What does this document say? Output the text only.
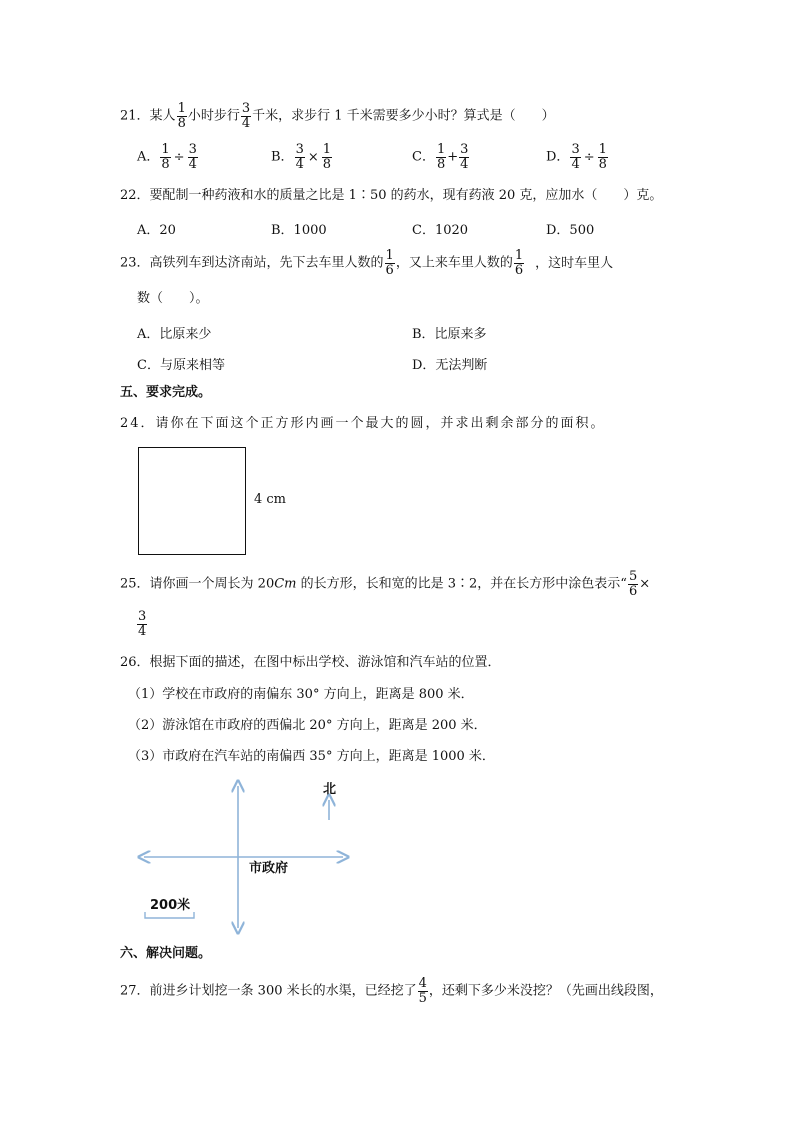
21．某人 $\frac{1}{8}$ 小时步行 $\frac{3}{4}$ 千米，求步行 1 千米需要多少小时？算式是（　　）
A． $\frac{1}{8} \div \frac{3}{4}$	B． $\frac{3}{4} \times \frac{1}{8}$	C． $\frac{1}{8} + \frac{3}{4}$	D． $\frac{3}{4} \div \frac{1}{8}$
22．要配制一种药液和水的质量之比是 1∶50 的药水，现有药液 20 克，应加水（　　）克。
A．20	B．1000	C．1020	D．500
23．高铁列车到达济南站，先下去车里人数的 $\frac{1}{6}$ ，又上来车里人数的 $\frac{1}{6}$ ，这时车里人
数（　　）。
A．比原来少	B．比原来多
C．与原来相等	D．无法判断
五、要求完成。
24．请你在下面这个正方形内画一个最大的圆，并求出剩余部分的面积。
4 cm
25．请你画一个周长为 20Cm 的长方形，长和宽的比是 3∶2，并在长方形中涂色表示“ $\frac{5}{6}$ ×
$\frac{3}{4}$
26．根据下面的描述，在图中标出学校、游泳馆和汽车站的位置．
（1）学校在市政府的南偏东 30° 方向上，距离是 800 米．
（2）游泳馆在市政府的西偏北 20° 方向上，距离是 200 米．
（3）市政府在汽车站的南偏西 35° 方向上，距离是 1000 米．
北
市政府
200米
六、解决问题。
27．前进乡计划挖一条 300 米长的水渠，已经挖了 $\frac{4}{5}$ ，还剩下多少米没挖？（先画出线段图，
